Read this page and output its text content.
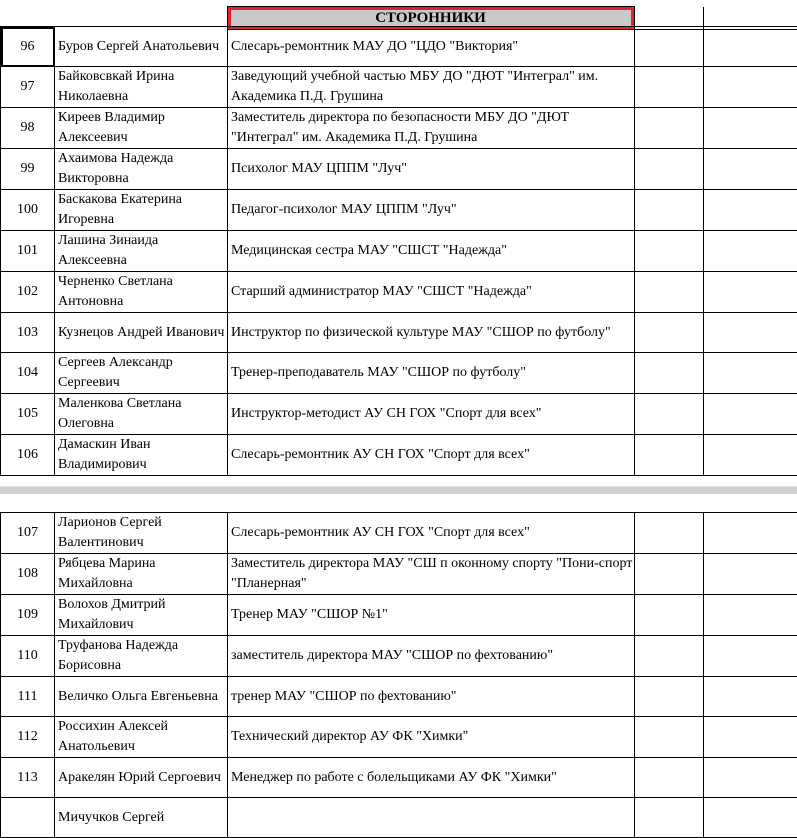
		СТОРОННИКИ		
96	Буров Сергей Анатольевич	Слесарь-ремонтник МАУ ДО "ЦДО "Виктория"		
97	Байковсвкай Ирина Николаевна	Заведующий учебной частью МБУ ДО "ДЮТ "Интеграл" им. Академика П.Д. Грушина		
98	Киреев Владимир Алексеевич	Заместитель директора по безопасности МБУ ДО "ДЮТ "Интеграл" им. Академика П.Д. Грушина		
99	Ахаимова Надежда Викторовна	Психолог МАУ ЦППМ "Луч"		
100	Баскакова Екатерина Игоревна	Педагог-психолог МАУ ЦППМ "Луч"		
101	Лашина Зинаида Алексеевна	Медицинская сестра МАУ "СШСТ "Надежда"		
102	Черненко Светлана Антоновна	Старший администратор МАУ "СШСТ "Надежда"		
103	Кузнецов Андрей Иванович	Инструктор по физической культуре МАУ "СШОР по футболу"		
104	Сергеев Александр Сергеевич	Тренер-преподаватель МАУ "СШОР по футболу"		
105	Маленкова Светлана Олеговна	Инструктор-методист АУ СН ГОХ "Спорт для всех"		
106	Дамаскин Иван Владимирович	Слесарь-ремонтник АУ СН ГОХ "Спорт для всех"		
107	Ларионов Сергей Валентинович	Слесарь-ремонтник АУ СН ГОХ "Спорт для всех"		
108	Рябцева Марина Михайловна	Заместитель директора МАУ "СШ п оконному спорту "Пони-спорт "Планерная"		
109	Волохов Дмитрий Михайлович	Тренер МАУ "СШОР №1"		
110	Труфанова Надежда Борисовна	заместитель директора МАУ "СШОР по фехтованию"		
111	Величко Ольга Евгеньевна	тренер МАУ "СШОР по фехтованию"		
112	Россихин Алексей Анатольевич	Технический директор АУ ФК "Химки"		
113	Аракелян Юрий Сергоевич	Менеджер по работе с болельщиками АУ ФК "Химки"		
	Мичучков Сергей			
